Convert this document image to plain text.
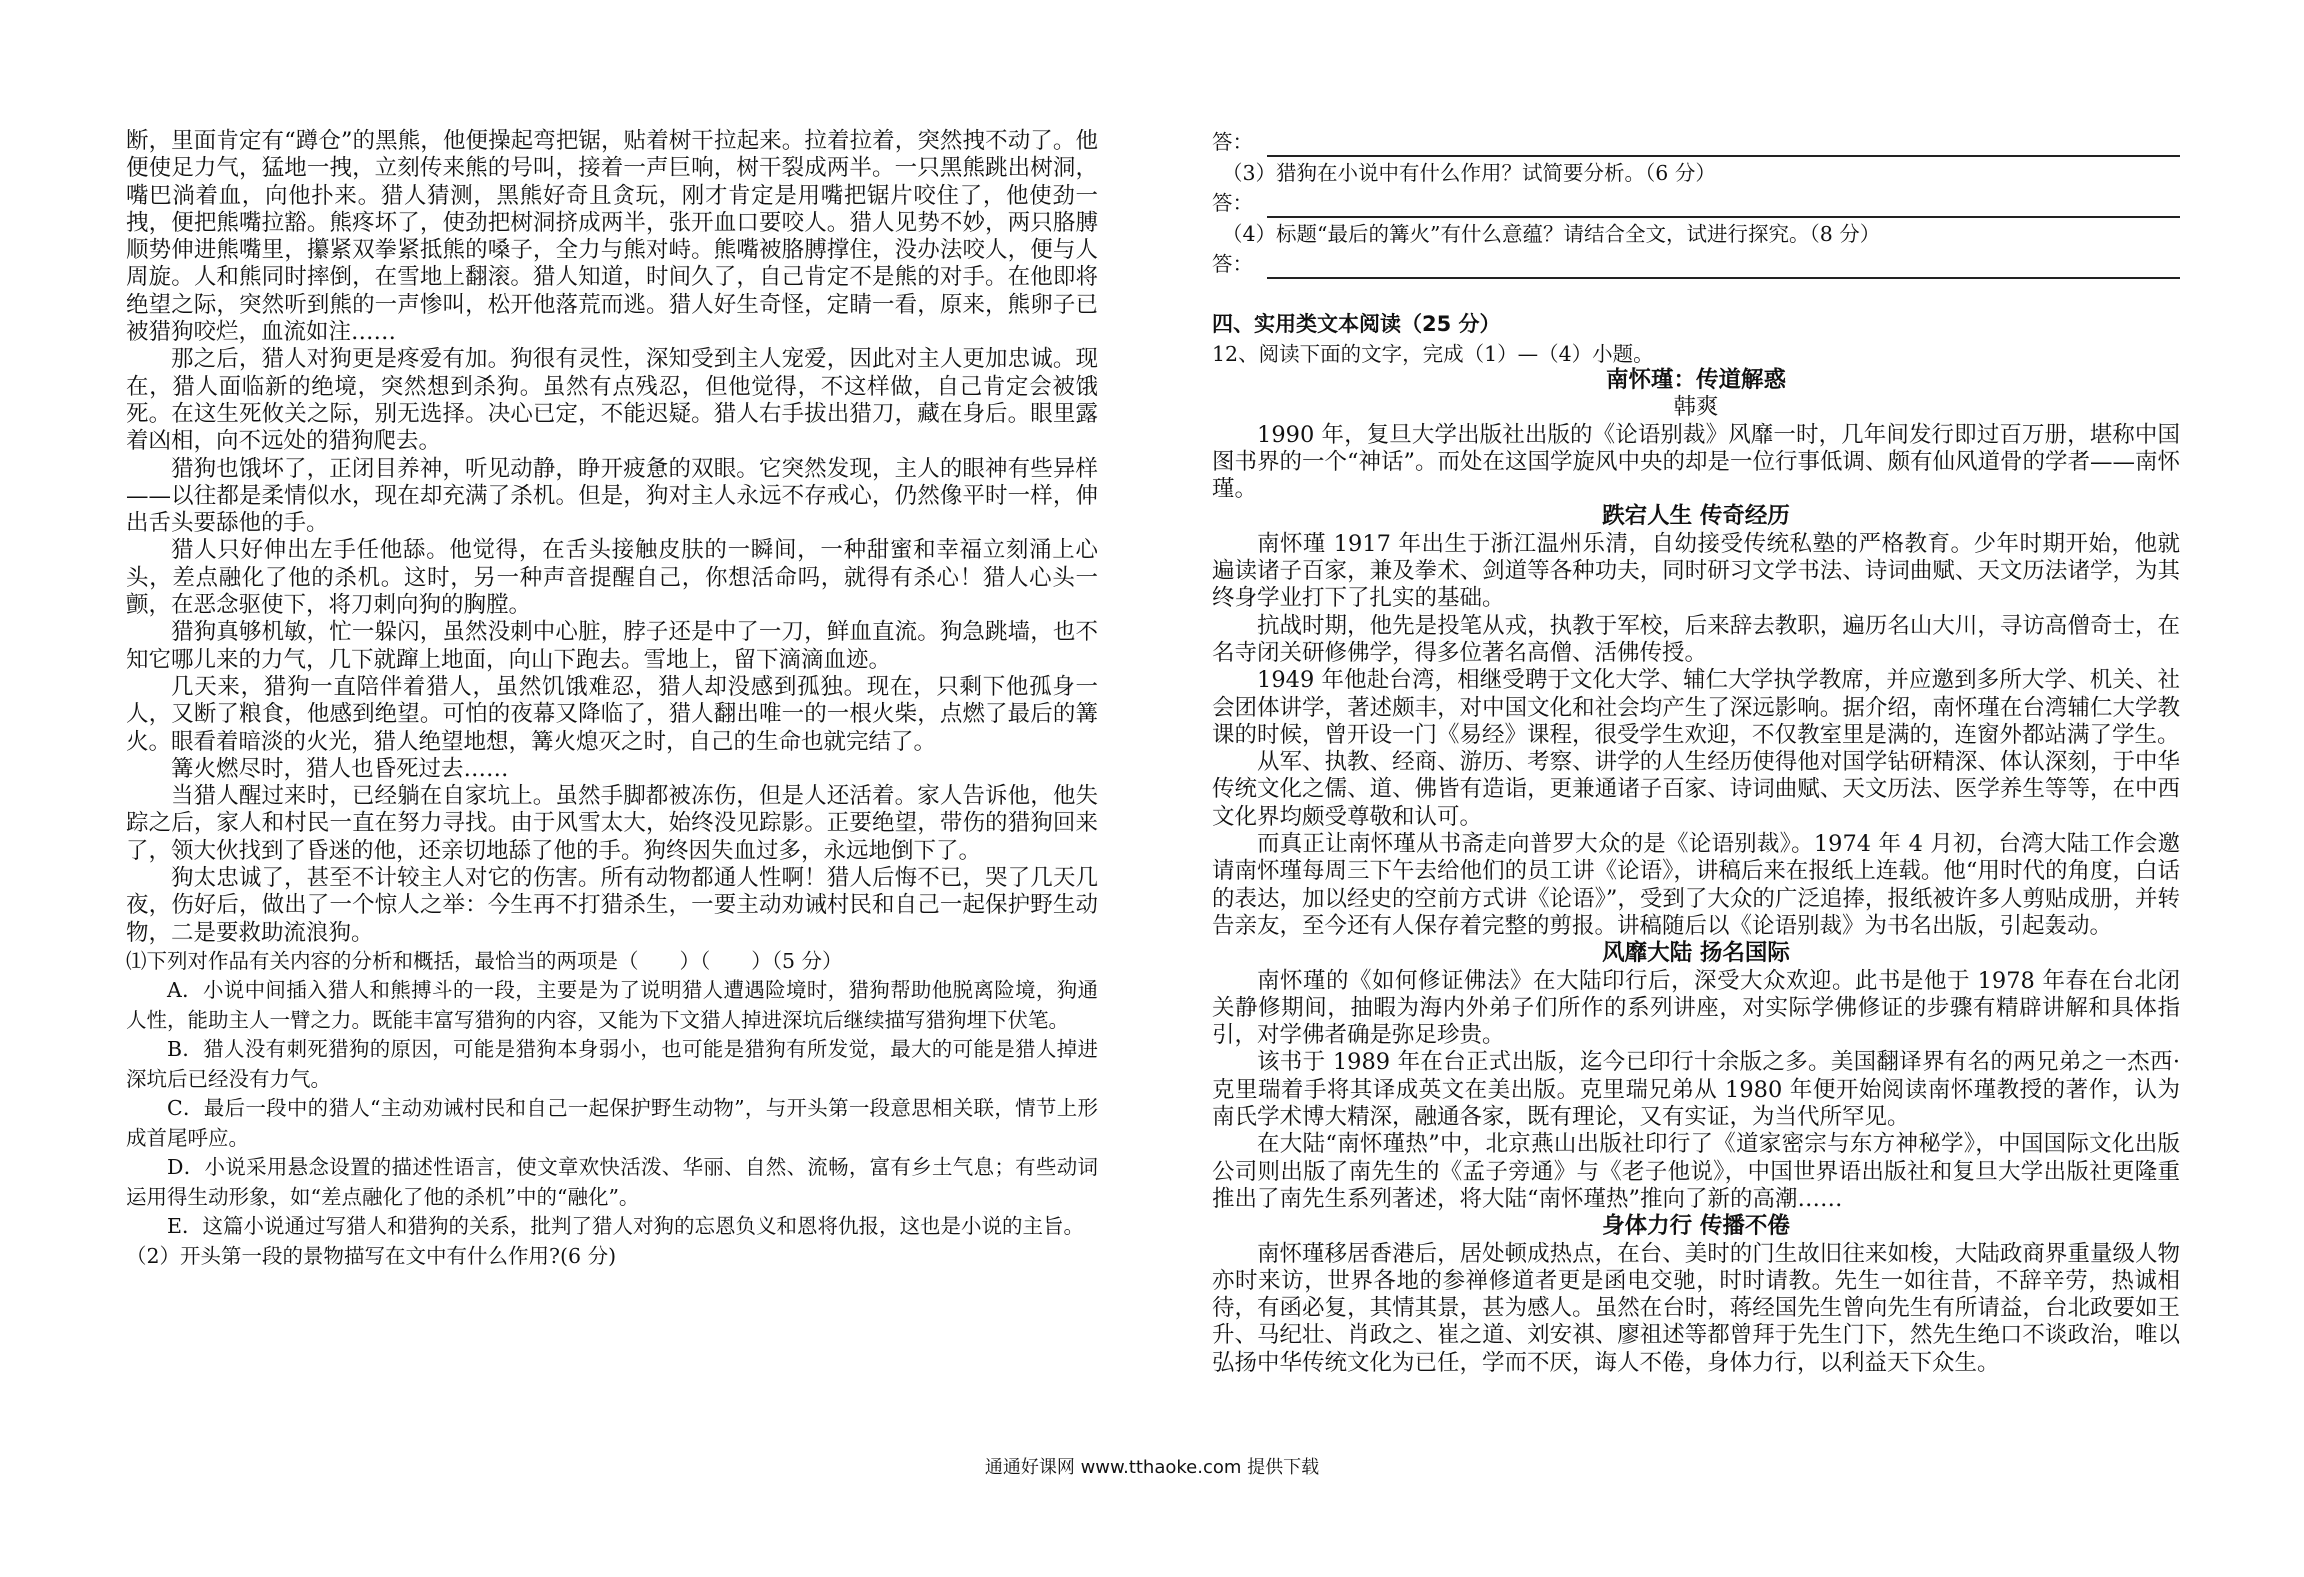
断，里面肯定有“蹲仓”的黑熊，他便操起弯把锯，贴着树干拉起来。拉着拉着，突然拽不动了。他便使足力气，猛地一拽，立刻传来熊的号叫，接着一声巨响，树干裂成两半。一只黑熊跳出树洞，嘴巴淌着血，向他扑来。猎人猜测，黑熊好奇且贪玩，刚才肯定是用嘴把锯片咬住了，他使劲一拽，便把熊嘴拉豁。熊疼坏了，使劲把树洞挤成两半，张开血口要咬人。猎人见势不妙，两只胳膊顺势伸进熊嘴里，攥紧双拳紧抵熊的嗓子，全力与熊对峙。熊嘴被胳膊撑住，没办法咬人，便与人周旋。人和熊同时摔倒，在雪地上翻滚。猎人知道，时间久了，自己肯定不是熊的对手。在他即将绝望之际，突然听到熊的一声惨叫，松开他落荒而逃。猎人好生奇怪，定睛一看，原来，熊卵子已被猎狗咬烂，血流如注……

那之后，猎人对狗更是疼爱有加。狗很有灵性，深知受到主人宠爱，因此对主人更加忠诚。现在，猎人面临新的绝境，突然想到杀狗。虽然有点残忍，但他觉得，不这样做，自己肯定会被饿死。在这生死攸关之际，别无选择。决心已定，不能迟疑。猎人右手拔出猎刀，藏在身后。眼里露着凶相，向不远处的猎狗爬去。

猎狗也饿坏了，正闭目养神，听见动静，睁开疲惫的双眼。它突然发现，主人的眼神有些异样——以往都是柔情似水，现在却充满了杀机。但是，狗对主人永远不存戒心，仍然像平时一样，伸出舌头要舔他的手。

猎人只好伸出左手任他舔。他觉得，在舌头接触皮肤的一瞬间，一种甜蜜和幸福立刻涌上心头，差点融化了他的杀机。这时，另一种声音提醒自己，你想活命吗，就得有杀心！猎人心头一颤，在恶念驱使下，将刀刺向狗的胸膛。

猎狗真够机敏，忙一躲闪，虽然没刺中心脏，脖子还是中了一刀，鲜血直流。狗急跳墙，也不知它哪儿来的力气，几下就蹿上地面，向山下跑去。雪地上，留下滴滴血迹。

几天来，猎狗一直陪伴着猎人，虽然饥饿难忍，猎人却没感到孤独。现在，只剩下他孤身一人，又断了粮食，他感到绝望。可怕的夜幕又降临了，猎人翻出唯一的一根火柴，点燃了最后的篝火。眼看着暗淡的火光，猎人绝望地想，篝火熄灭之时，自己的生命也就完结了。

篝火燃尽时，猎人也昏死过去……

当猎人醒过来时，已经躺在自家坑上。虽然手脚都被冻伤，但是人还活着。家人告诉他，他失踪之后，家人和村民一直在努力寻找。由于风雪太大，始终没见踪影。正要绝望，带伤的猎狗回来了，领大伙找到了昏迷的他，还亲切地舔了他的手。狗终因失血过多，永远地倒下了。

狗太忠诚了，甚至不计较主人对它的伤害。所有动物都通人性啊！猎人后悔不已，哭了几天几夜，伤好后，做出了一个惊人之举：今生再不打猎杀生，一要主动劝诫村民和自己一起保护野生动物，二是要救助流浪狗。

⑴下列对作品有关内容的分析和概括，最恰当的两项是（　　）（　　）（5 分）

A．小说中间插入猎人和熊搏斗的一段，主要是为了说明猎人遭遇险境时，猎狗帮助他脱离险境，狗通人性，能助主人一臂之力。既能丰富写猎狗的内容，又能为下文猎人掉进深坑后继续描写猎狗埋下伏笔。

B．猎人没有刺死猎狗的原因，可能是猎狗本身弱小，也可能是猎狗有所发觉，最大的可能是猎人掉进深坑后已经没有力气。

C．最后一段中的猎人“主动劝诫村民和自己一起保护野生动物”，与开头第一段意思相关联，情节上形成首尾呼应。

D．小说采用悬念设置的描述性语言，使文章欢快活泼、华丽、自然、流畅，富有乡土气息；有些动词运用得生动形象，如“差点融化了他的杀机”中的“融化”。

E．这篇小说通过写猎人和猎狗的关系，批判了猎人对狗的忘恩负义和恩将仇报，这也是小说的主旨。

（2）开头第一段的景物描写在文中有什么作用?(6 分)

答：

（3）猎狗在小说中有什么作用？试简要分析。（6 分）

答：

（4）标题“最后的篝火”有什么意蕴？请结合全文，试进行探究。（8 分）

答：

四、实用类文本阅读（25 分）

12、阅读下面的文字，完成（1）—（4）小题。

南怀瑾：传道解惑

韩爽

1990 年，复旦大学出版社出版的《论语别裁》风靡一时，几年间发行即过百万册，堪称中国图书界的一个“神话”。而处在这国学旋风中央的却是一位行事低调、颇有仙风道骨的学者——南怀瑾。

跌宕人生 传奇经历

南怀瑾 1917 年出生于浙江温州乐清，自幼接受传统私塾的严格教育。少年时期开始，他就遍读诸子百家，兼及拳术、剑道等各种功夫，同时研习文学书法、诗词曲赋、天文历法诸学，为其终身学业打下了扎实的基础。

抗战时期，他先是投笔从戎，执教于军校，后来辞去教职，遍历名山大川，寻访高僧奇士，在名寺闭关研修佛学，得多位著名高僧、活佛传授。

1949 年他赴台湾，相继受聘于文化大学、辅仁大学执学教席，并应邀到多所大学、机关、社会团体讲学，著述颇丰，对中国文化和社会均产生了深远影响。据介绍，南怀瑾在台湾辅仁大学教课的时候，曾开设一门《易经》课程，很受学生欢迎，不仅教室里是满的，连窗外都站满了学生。

从军、执教、经商、游历、考察、讲学的人生经历使得他对国学钻研精深、体认深刻，于中华传统文化之儒、道、佛皆有造诣，更兼通诸子百家、诗词曲赋、天文历法、医学养生等等，在中西文化界均颇受尊敬和认可。

而真正让南怀瑾从书斋走向普罗大众的是《论语别裁》。1974 年 4 月初，台湾大陆工作会邀请南怀瑾每周三下午去给他们的员工讲《论语》，讲稿后来在报纸上连载。他“用时代的角度，白话的表达，加以经史的空前方式讲《论语》”，受到了大众的广泛追捧，报纸被许多人剪贴成册，并转告亲友，至今还有人保存着完整的剪报。讲稿随后以《论语别裁》为书名出版，引起轰动。

风靡大陆 扬名国际

南怀瑾的《如何修证佛法》在大陆印行后，深受大众欢迎。此书是他于 1978 年春在台北闭关静修期间，抽暇为海内外弟子们所作的系列讲座，对实际学佛修证的步骤有精辟讲解和具体指引，对学佛者确是弥足珍贵。

该书于 1989 年在台正式出版，迄今已印行十余版之多。美国翻译界有名的两兄弟之一杰西·克里瑞着手将其译成英文在美出版。克里瑞兄弟从 1980 年便开始阅读南怀瑾教授的著作，认为南氏学术博大精深，融通各家，既有理论，又有实证，为当代所罕见。

在大陆“南怀瑾热”中，北京燕山出版社印行了《道家密宗与东方神秘学》，中国国际文化出版公司则出版了南先生的《孟子旁通》与《老子他说》，中国世界语出版社和复旦大学出版社更隆重推出了南先生系列著述，将大陆“南怀瑾热”推向了新的高潮……

身体力行 传播不倦

南怀瑾移居香港后，居处顿成热点，在台、美时的门生故旧往来如梭，大陆政商界重量级人物亦时来访，世界各地的参禅修道者更是函电交驰，时时请教。先生一如往昔，不辞辛劳，热诚相待，有函必复，其情其景，甚为感人。虽然在台时，蒋经国先生曾向先生有所请益，台北政要如王升、马纪壮、肖政之、崔之道、刘安祺、廖祖述等都曾拜于先生门下，然先生绝口不谈政治，唯以弘扬中华传统文化为已任，学而不厌，诲人不倦，身体力行，以利益天下众生。

通通好课网 www.tthaoke.com 提供下载
